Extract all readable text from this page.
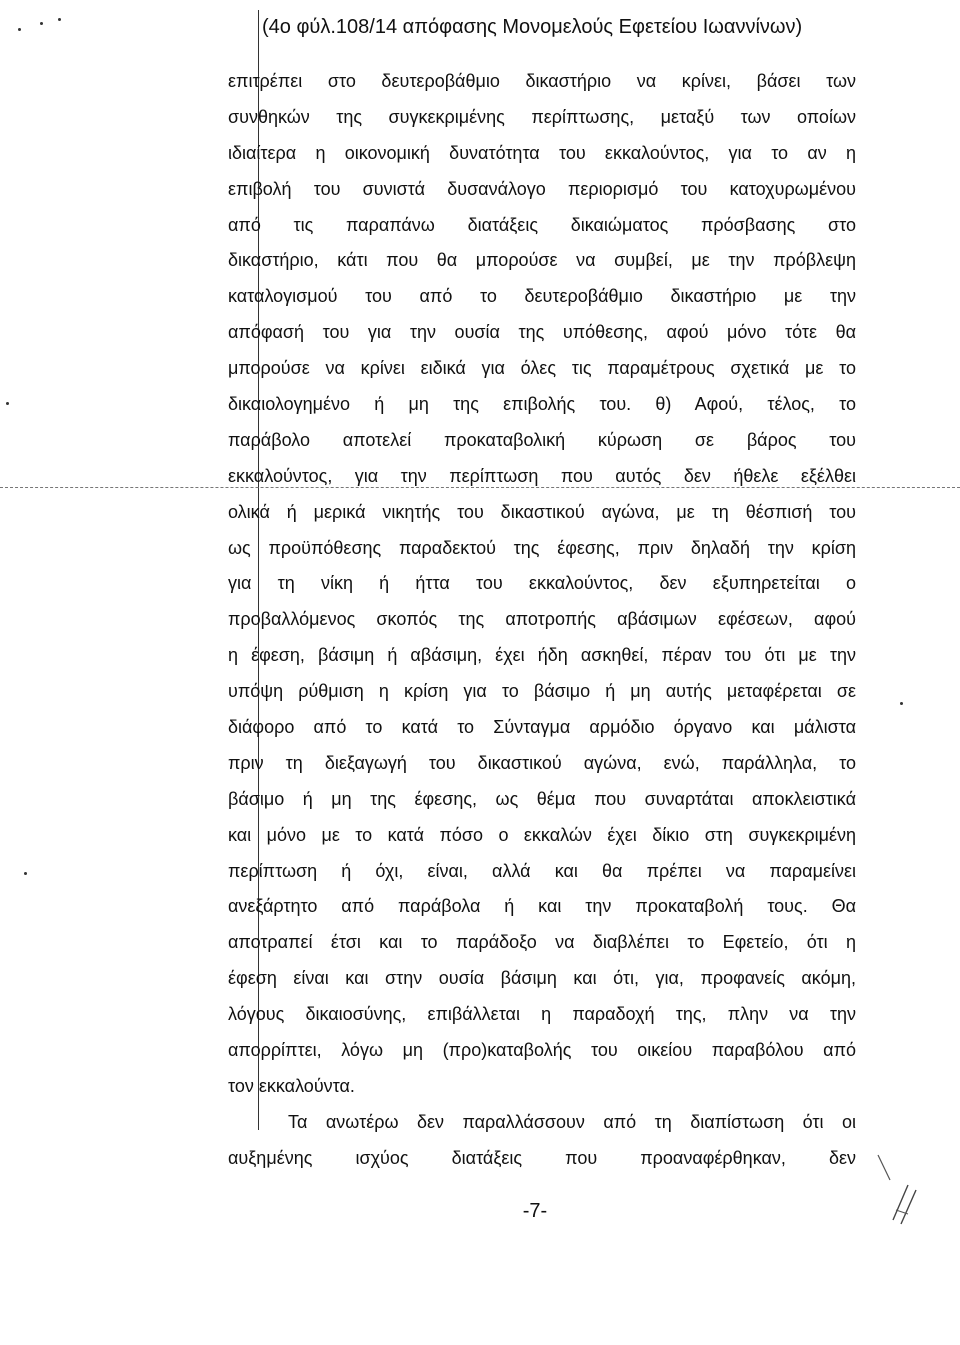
(4ο φύλ.108/14 απόφασης Μονομελούς Εφετείου Ιωαννίνων)
επιτρέπει στο δευτεροβάθμιο δικαστήριο να κρίνει, βάσει των
συνθηκών της συγκεκριμένης περίπτωσης, μεταξύ των οποίων
ιδιαίτερα η οικονομική δυνατότητα του εκκαλούντος, για το αν η
επιβολή του συνιστά δυσανάλογο περιορισμό του κατοχυρωμένου
από τις παραπάνω διατάξεις δικαιώματος πρόσβασης στο
δικαστήριο, κάτι που θα μπορούσε να συμβεί, με την πρόβλεψη
καταλογισμού του από το δευτεροβάθμιο δικαστήριο με την
απόφασή του για την ουσία της υπόθεσης, αφού μόνο τότε θα
μπορούσε να κρίνει ειδικά για όλες τις παραμέτρους σχετικά με το
δικαιολογημένο ή μη της επιβολής του. θ) Αφού, τέλος, το
παράβολο αποτελεί προκαταβολική κύρωση σε βάρος του
εκκαλούντος, για την περίπτωση που αυτός δεν ήθελε εξέλθει
ολικά ή μερικά νικητής του δικαστικού αγώνα, με τη θέσπισή του
ως προϋπόθεσης παραδεκτού της έφεσης, πριν δηλαδή την κρίση
για τη νίκη ή ήττα του εκκαλούντος, δεν εξυπηρετείται ο
προβαλλόμενος σκοπός της αποτροπής αβάσιμων εφέσεων, αφού
η έφεση, βάσιμη ή αβάσιμη, έχει ήδη ασκηθεί, πέραν του ότι με την
υπόψη ρύθμιση η κρίση για το βάσιμο ή μη αυτής μεταφέρεται σε
διάφορο από το κατά το Σύνταγμα αρμόδιο όργανο και μάλιστα
πριν τη διεξαγωγή του δικαστικού αγώνα, ενώ, παράλληλα, το
βάσιμο ή μη της έφεσης, ως θέμα που συναρτάται αποκλειστικά
και μόνο με το κατά πόσο ο εκκαλών έχει δίκιο στη συγκεκριμένη
περίπτωση ή όχι, είναι, αλλά και θα πρέπει να παραμείνει
ανεξάρτητο από παράβολα ή και την προκαταβολή τους. Θα
αποτραπεί έτσι και το παράδοξο να διαβλέπει το Εφετείο, ότι η
έφεση είναι και στην ουσία βάσιμη και ότι, για, προφανείς ακόμη,
λόγους δικαιοσύνης, επιβάλλεται η παραδοχή της, πλην να την
απορρίπτει, λόγω μη (προ)καταβολής του οικείου παραβόλου από
τον εκκαλούντα.
Τα ανωτέρω δεν παραλλάσσουν από τη διαπίστωση ότι οι
αυξημένης ισχύος διατάξεις που προαναφέρθηκαν, δεν
-7-
